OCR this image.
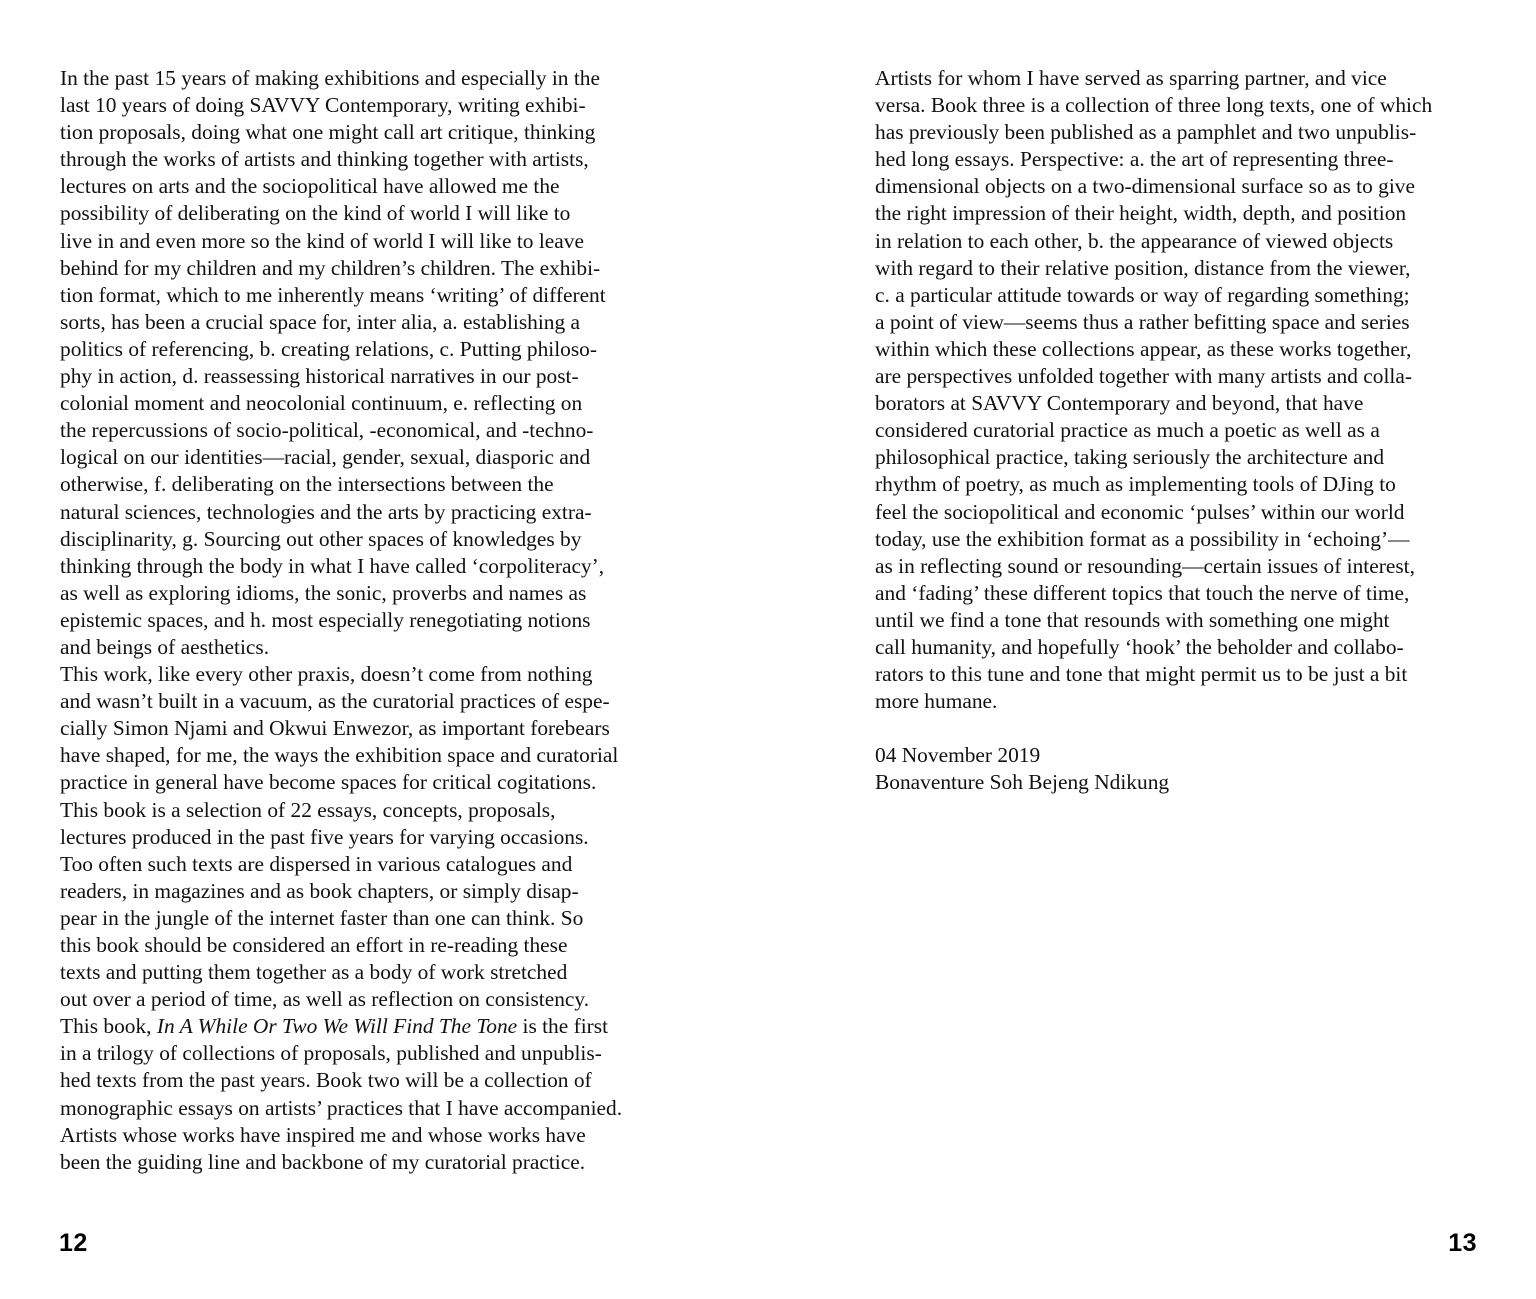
In the past 15 years of making exhibitions and especially in the
last 10 years of doing SAVVY Contemporary, writing exhibi-
tion proposals, doing what one might call art critique, thinking
through the works of artists and thinking together with artists,
lectures on arts and the sociopolitical have allowed me the
possibility of deliberating on the kind of world I will like to
live in and even more so the kind of world I will like to leave
behind for my children and my children’s children. The exhibi-
tion format, which to me inherently means ‘writing’ of different
sorts, has been a crucial space for, inter alia, a. establishing a
politics of referencing, b. creating relations, c. Putting philoso-
phy in action, d. reassessing historical narratives in our post-
colonial moment and neocolonial continuum, e. reflecting on
the repercussions of socio-political, -economical, and -techno-
logical on our identities—racial, gender, sexual, diasporic and
otherwise, f. deliberating on the intersections between the
natural sciences, technologies and the arts by practicing extra-
disciplinarity, g. Sourcing out other spaces of knowledges by
thinking through the body in what I have called ‘corpoliteracy’,
as well as exploring idioms, the sonic, proverbs and names as
epistemic spaces, and h. most especially renegotiating notions
and beings of aesthetics.
This work, like every other praxis, doesn’t come from nothing
and wasn’t built in a vacuum, as the curatorial practices of espe-
cially Simon Njami and Okwui Enwezor, as important forebears
have shaped, for me, the ways the exhibition space and curatorial
practice in general have become spaces for critical cogitations.
This book is a selection of 22 essays, concepts, proposals,
lectures produced in the past five years for varying occasions.
Too often such texts are dispersed in various catalogues and
readers, in magazines and as book chapters, or simply disap-
pear in the jungle of the internet faster than one can think. So
this book should be considered an effort in re-reading these
texts and putting them together as a body of work stretched
out over a period of time, as well as reflection on consistency.
This book, In A While Or Two We Will Find The Tone is the first
in a trilogy of collections of proposals, published and unpublis-
hed texts from the past years. Book two will be a collection of
monographic essays on artists’ practices that I have accompanied.
Artists whose works have inspired me and whose works have
been the guiding line and backbone of my curatorial practice.
12
Artists for whom I have served as sparring partner, and vice
versa. Book three is a collection of three long texts, one of which
has previously been published as a pamphlet and two unpublis-
hed long essays. Perspective: a. the art of representing three-
dimensional objects on a two-dimensional surface so as to give
the right impression of their height, width, depth, and position
in relation to each other, b. the appearance of viewed objects
with regard to their relative position, distance from the viewer,
c. a particular attitude towards or way of regarding something;
a point of view—seems thus a rather befitting space and series
within which these collections appear, as these works together,
are perspectives unfolded together with many artists and colla-
borators at SAVVY Contemporary and beyond, that have
considered curatorial practice as much a poetic as well as a
philosophical practice, taking seriously the architecture and
rhythm of poetry, as much as implementing tools of DJing to
feel the sociopolitical and economic ‘pulses’ within our world
today, use the exhibition format as a possibility in ‘echoing’—
as in reflecting sound or resounding—certain issues of interest,
and ‘fading’ these different topics that touch the nerve of time,
until we find a tone that resounds with something one might
call humanity, and hopefully ‘hook’ the beholder and collabo-
rators to this tune and tone that might permit us to be just a bit
more humane.
04 November 2019
Bonaventure Soh Bejeng Ndikung
13
